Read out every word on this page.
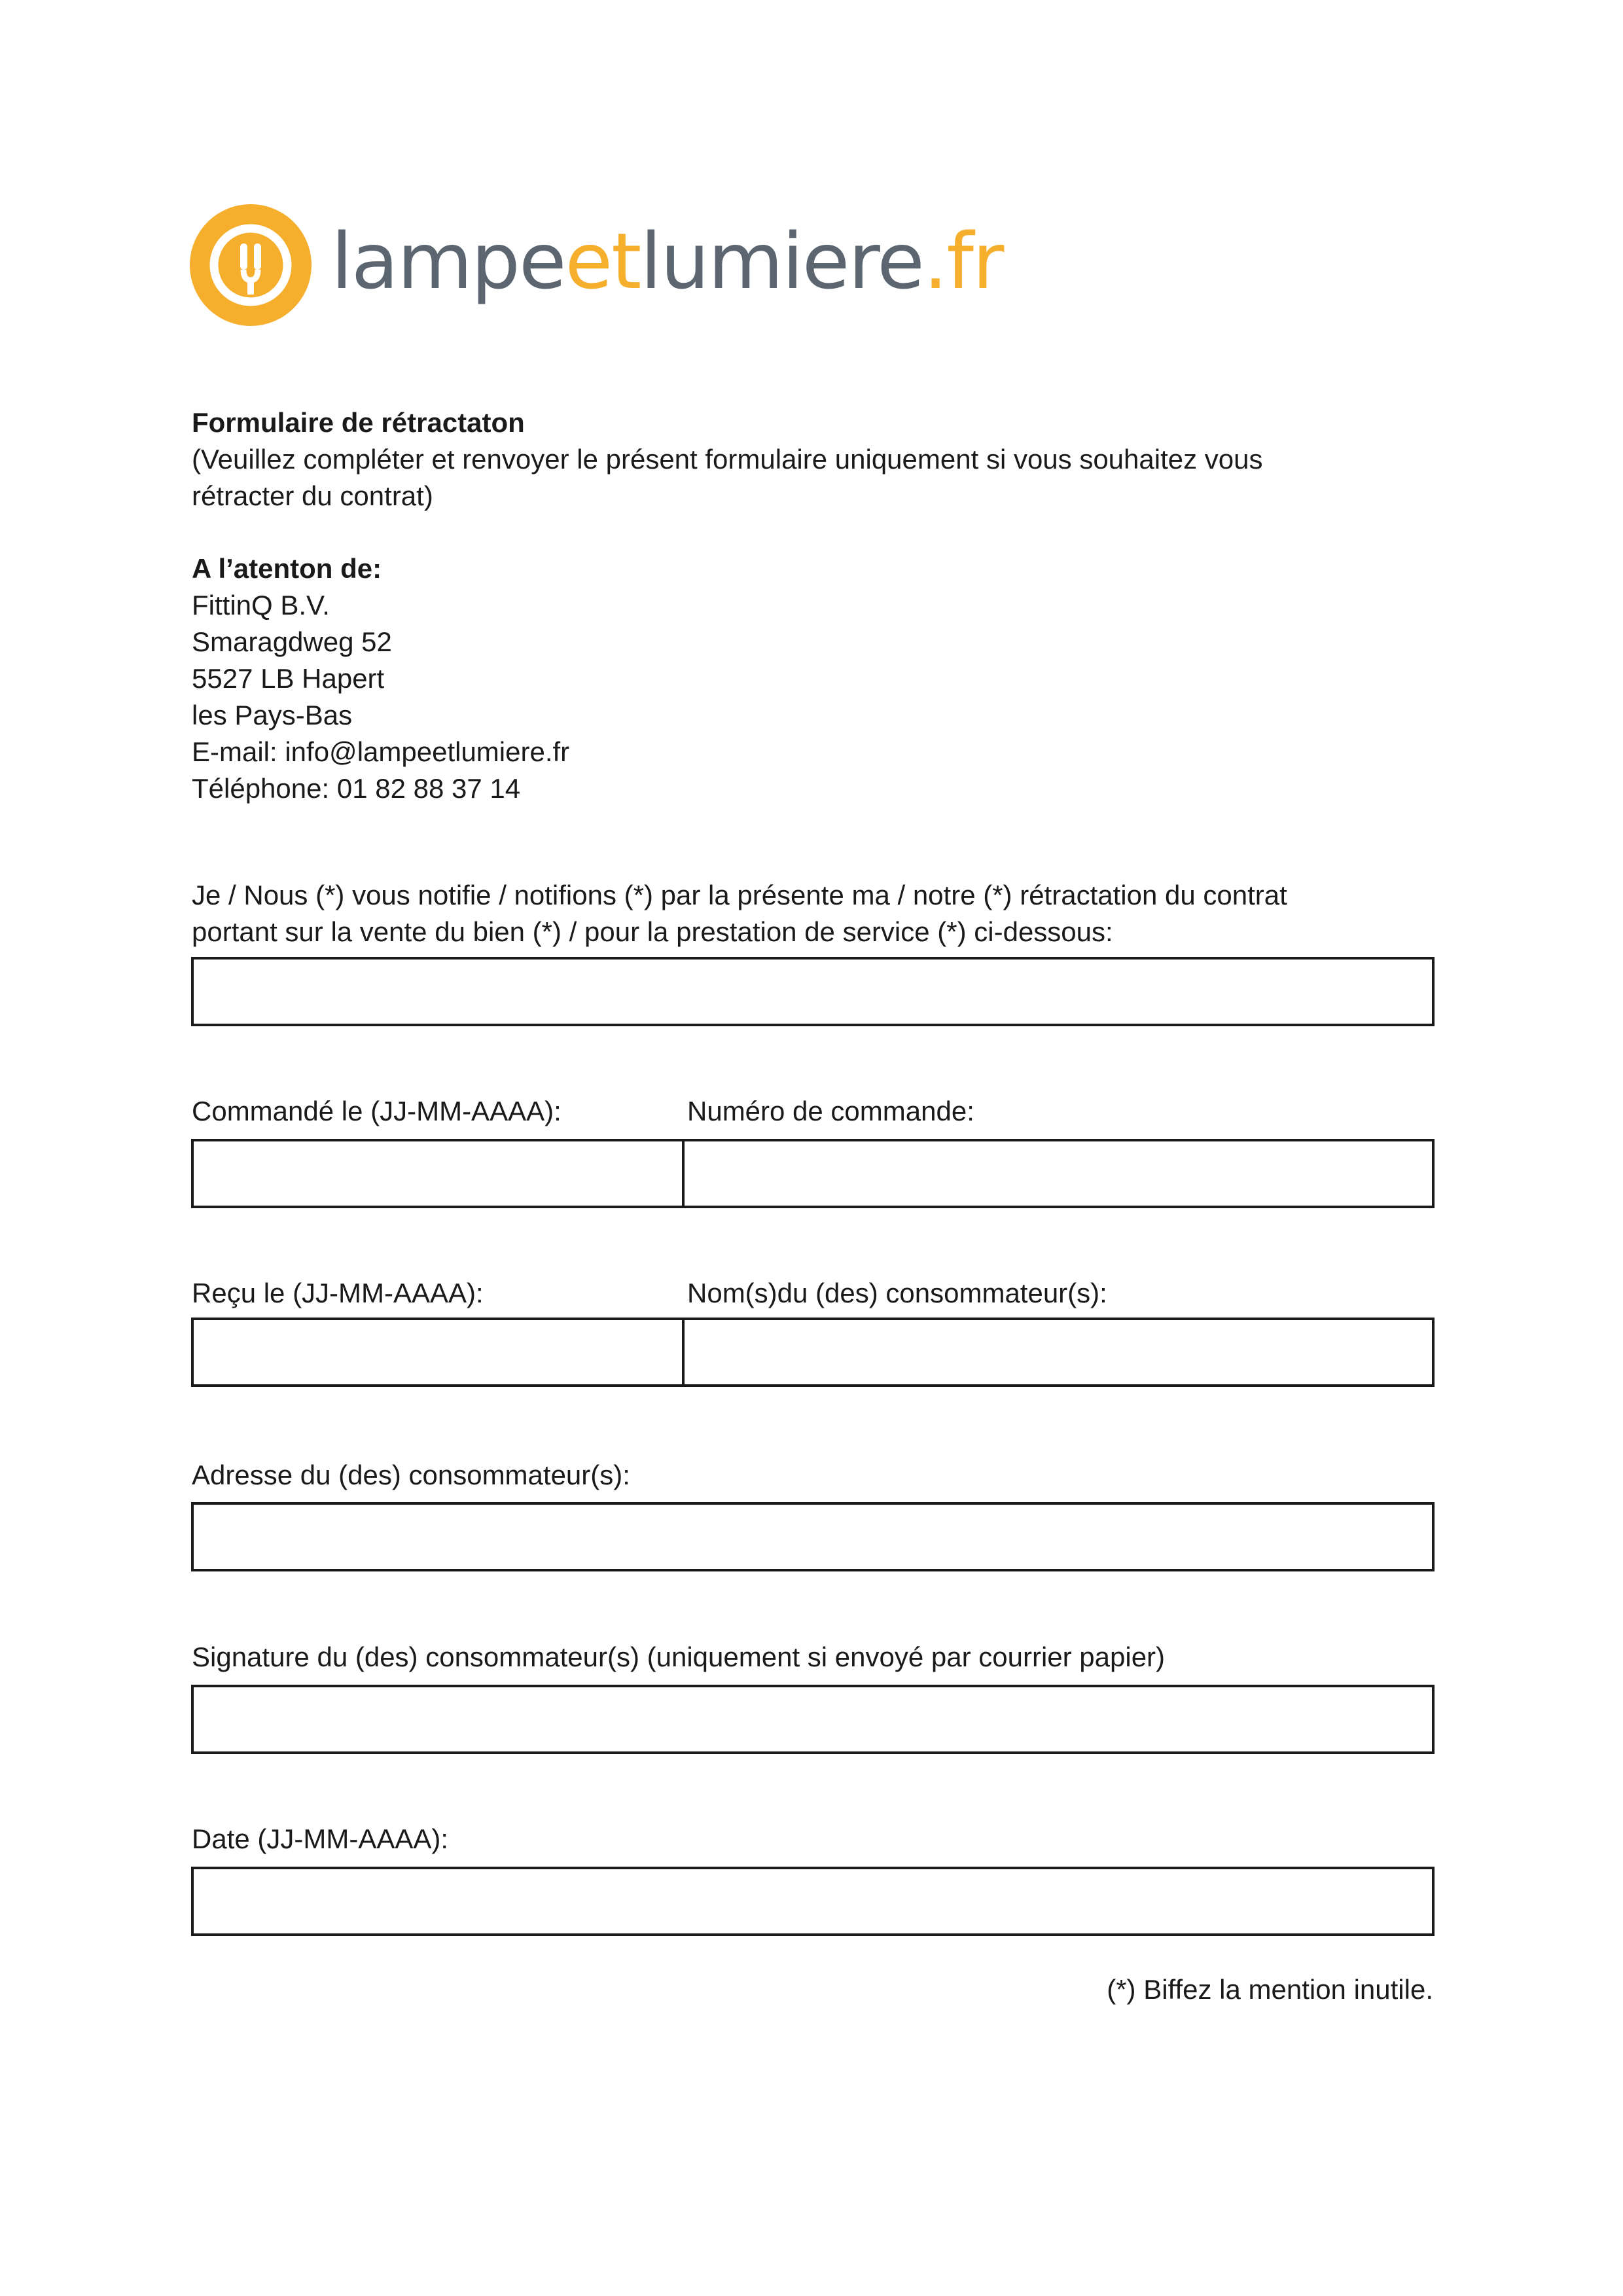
lampeetlumiere.fr

Formulaire de rétractaton

(Veuillez compléter et renvoyer le présent formulaire uniquement si vous souhaitez vous
rétracter du contrat)

A l’atenton de:

FittinQ B.V.
Smaragdweg 52
5527 LB Hapert
les Pays-Bas
E-mail: info@lampeetlumiere.fr
Téléphone: 01 82 88 37 14

Je / Nous (*) vous notifie / notifions (*) par la présente ma / notre (*) rétractation du contrat
portant sur la vente du bien (*) / pour la prestation de service (*) ci-dessous:

Commandé le (JJ-MM-AAAA):	Numéro de commande:

Reçu le (JJ-MM-AAAA):	Nom(s)du (des) consommateur(s):

Adresse du (des) consommateur(s):

Signature du (des) consommateur(s) (uniquement si envoyé par courrier papier)

Date (JJ-MM-AAAA):

(*) Biffez la mention inutile.
